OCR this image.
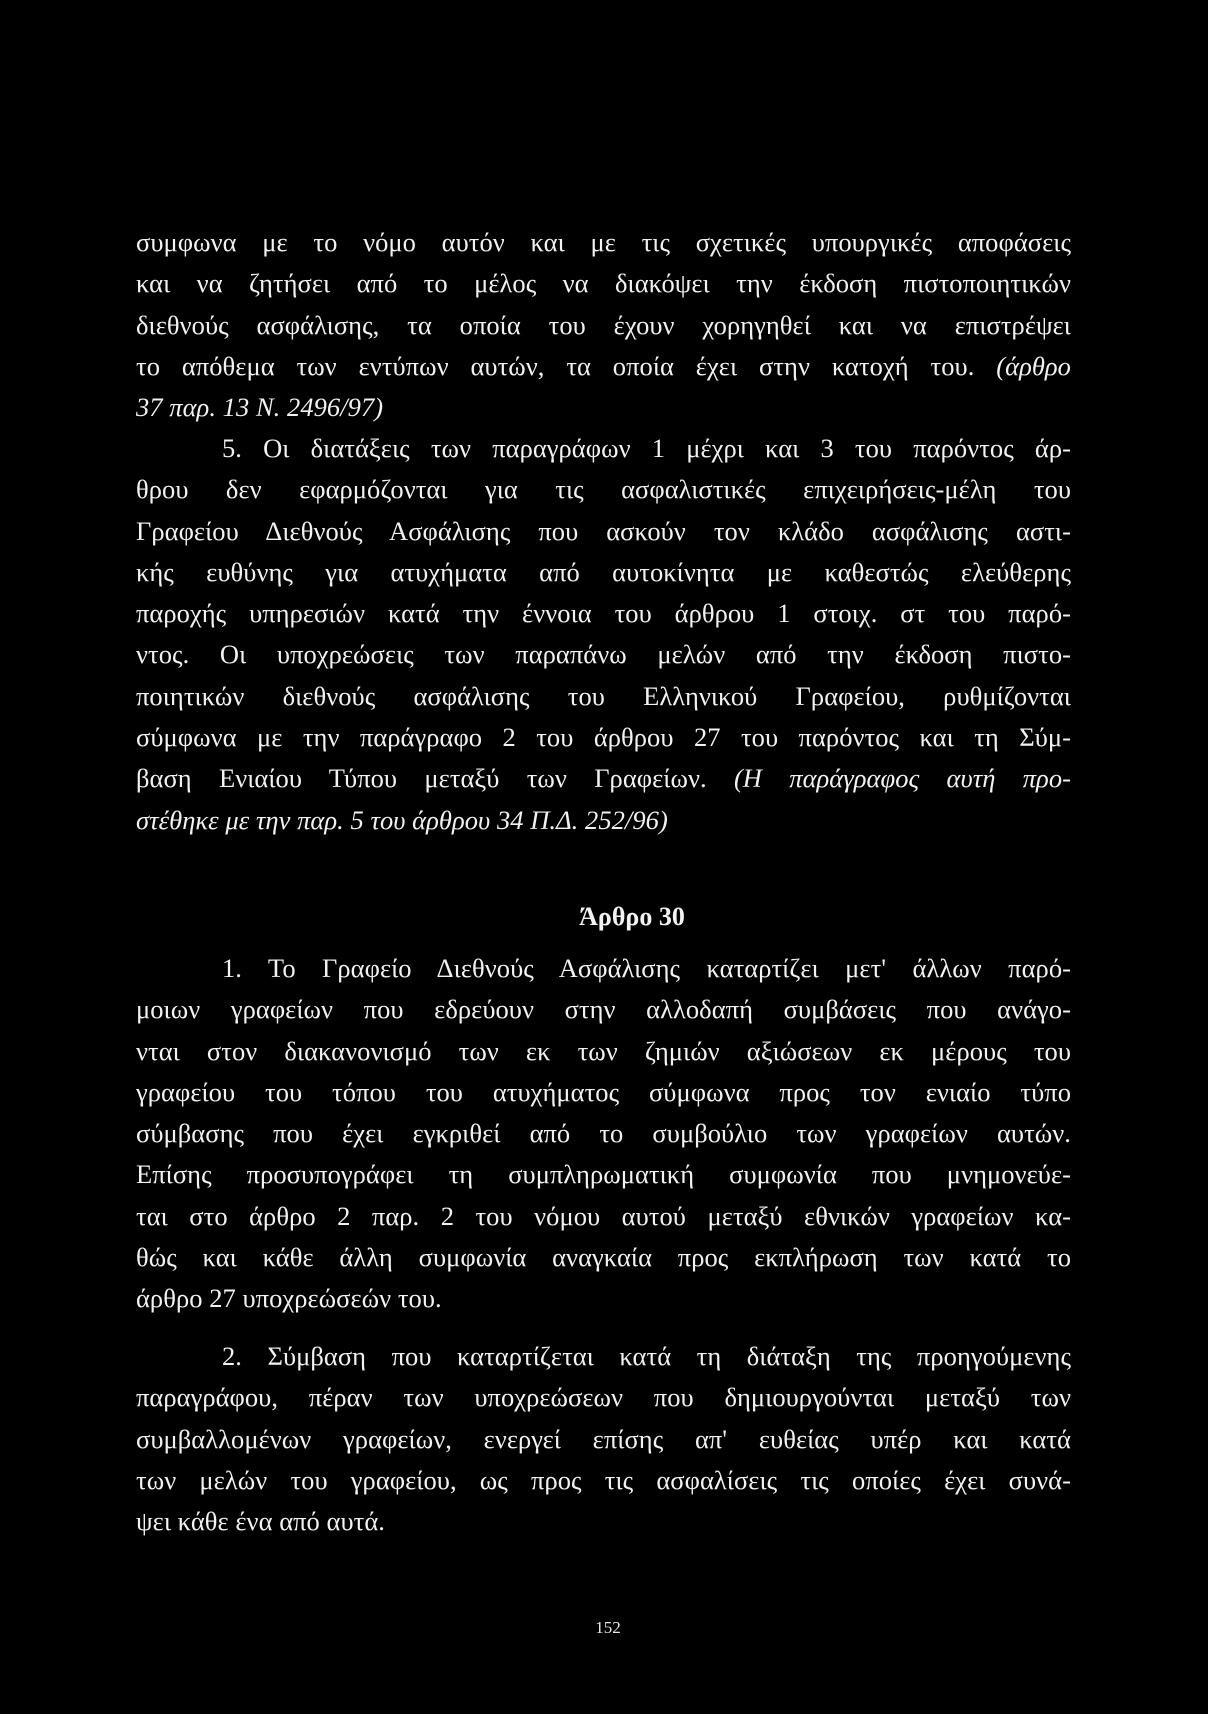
συμφωνα με το νόμο αυτόν και με τις σχετικές υπουργικές αποφάσεις
και να ζητήσει από το μέλος να διακόψει την έκδοση πιστοποιητικών
διεθνούς ασφάλισης, τα οποία του έχουν χορηγηθεί και να επιστρέψει
το απόθεμα των εντύπων αυτών, τα οποία έχει στην κατοχή του. (άρθρο
37 παρ. 13 Ν. 2496/97)
5. Οι διατάξεις των παραγράφων 1 μέχρι και 3 του παρόντος άρ-
θρου δεν εφαρμόζονται για τις ασφαλιστικές επιχειρήσεις-μέλη του
Γραφείου Διεθνούς Ασφάλισης που ασκούν τον κλάδο ασφάλισης αστι-
κής ευθύνης για ατυχήματα από αυτοκίνητα με καθεστώς ελεύθερης
παροχής υπηρεσιών κατά την έννοια του άρθρου 1 στοιχ. στ του παρό-
ντος. Οι υποχρεώσεις των παραπάνω μελών από την έκδοση πιστο-
ποιητικών διεθνούς ασφάλισης του Ελληνικού Γραφείου, ρυθμίζονται
σύμφωνα με την παράγραφο 2 του άρθρου 27 του παρόντος και τη Σύμ-
βαση Ενιαίου Τύπου μεταξύ των Γραφείων. (Η παράγραφος αυτή προ-
στέθηκε με την παρ. 5 του άρθρου 34 Π.Δ. 252/96)
Άρθρο 30
1. Το Γραφείο Διεθνούς Ασφάλισης καταρτίζει μετ' άλλων παρό-
μοιων γραφείων που εδρεύουν στην αλλοδαπή συμβάσεις που ανάγο-
νται στον διακανονισμό των εκ των ζημιών αξιώσεων εκ μέρους του
γραφείου του τόπου του ατυχήματος σύμφωνα προς τον ενιαίο τύπο
σύμβασης που έχει εγκριθεί από το συμβούλιο των γραφείων αυτών.
Επίσης προσυπογράφει τη συμπληρωματική συμφωνία που μνημονεύε-
ται στο άρθρο 2 παρ. 2 του νόμου αυτού μεταξύ εθνικών γραφείων κα-
θώς και κάθε άλλη συμφωνία αναγκαία προς εκπλήρωση των κατά το
άρθρο 27 υποχρεώσεών του.
2. Σύμβαση που καταρτίζεται κατά τη διάταξη της προηγούμενης
παραγράφου, πέραν των υποχρεώσεων που δημιουργούνται μεταξύ των
συμβαλλομένων γραφείων, ενεργεί επίσης απ' ευθείας υπέρ και κατά
των μελών του γραφείου, ως προς τις ασφαλίσεις τις οποίες έχει συνά-
ψει κάθε ένα από αυτά.
152
